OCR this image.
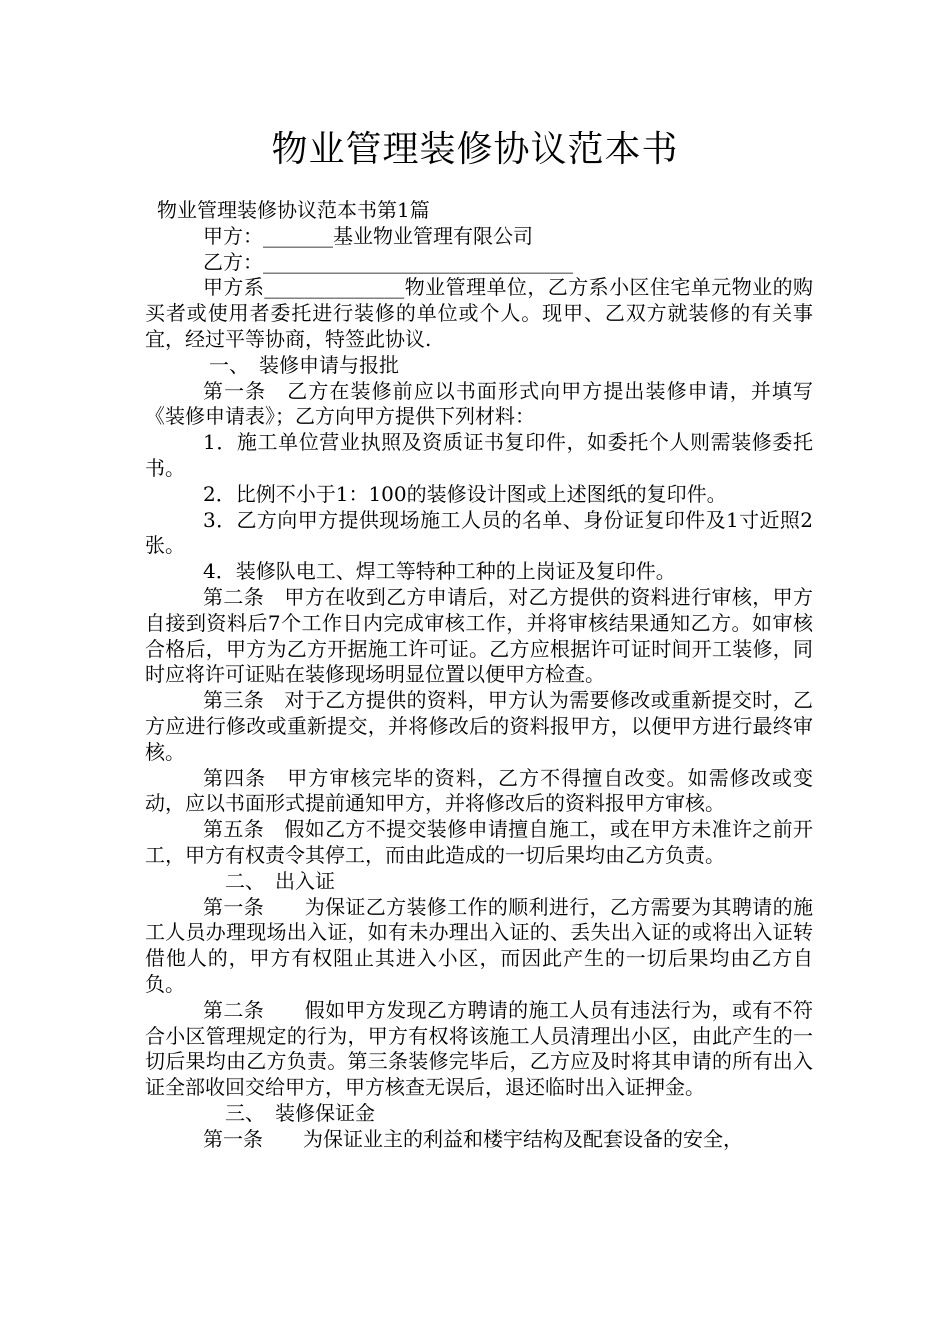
物业管理装修协议范本书

物业管理装修协议范本书第1篇

甲方：_______基业物业管理有限公司

乙方：_______________________________

甲方系______________物业管理单位，乙方系小区住宅单元物业的购买者或使用者委托进行装修的单位或个人。现甲、乙双方就装修的有关事宜，经过平等协商，特签此协议.

一、　装修申请与报批

第一条　乙方在装修前应以书面形式向甲方提出装修申请，并填写《装修申请表》；乙方向甲方提供下列材料：

1．施工单位营业执照及资质证书复印件，如委托个人则需装修委托书。

2．比例不小于1：100的装修设计图或上述图纸的复印件。

3．乙方向甲方提供现场施工人员的名单、身份证复印件及1寸近照2张。

4．装修队电工、焊工等特种工种的上岗证及复印件。

第二条　甲方在收到乙方申请后，对乙方提供的资料进行审核，甲方自接到资料后7个工作日内完成审核工作，并将审核结果通知乙方。如审核合格后，甲方为乙方开据施工许可证。乙方应根据许可证时间开工装修，同时应将许可证贴在装修现场明显位置以便甲方检查。

第三条　对于乙方提供的资料，甲方认为需要修改或重新提交时，乙方应进行修改或重新提交，并将修改后的资料报甲方，以便甲方进行最终审核。

第四条　甲方审核完毕的资料，乙方不得擅自改变。如需修改或变动，应以书面形式提前通知甲方，并将修改后的资料报甲方审核。

第五条　假如乙方不提交装修申请擅自施工，或在甲方未准许之前开工，甲方有权责令其停工，而由此造成的一切后果均由乙方负责。

二、　出入证

第一条　　为保证乙方装修工作的顺利进行，乙方需要为其聘请的施工人员办理现场出入证，如有未办理出入证的、丢失出入证的或将出入证转借他人的，甲方有权阻止其进入小区，而因此产生的一切后果均由乙方自负。

第二条　　假如甲方发现乙方聘请的施工人员有违法行为，或有不符合小区管理规定的行为，甲方有权将该施工人员清理出小区，由此产生的一切后果均由乙方负责。第三条装修完毕后，乙方应及时将其申请的所有出入证全部收回交给甲方，甲方核查无误后，退还临时出入证押金。

三、　装修保证金

第一条　　为保证业主的利益和楼宇结构及配套设备的安全，
